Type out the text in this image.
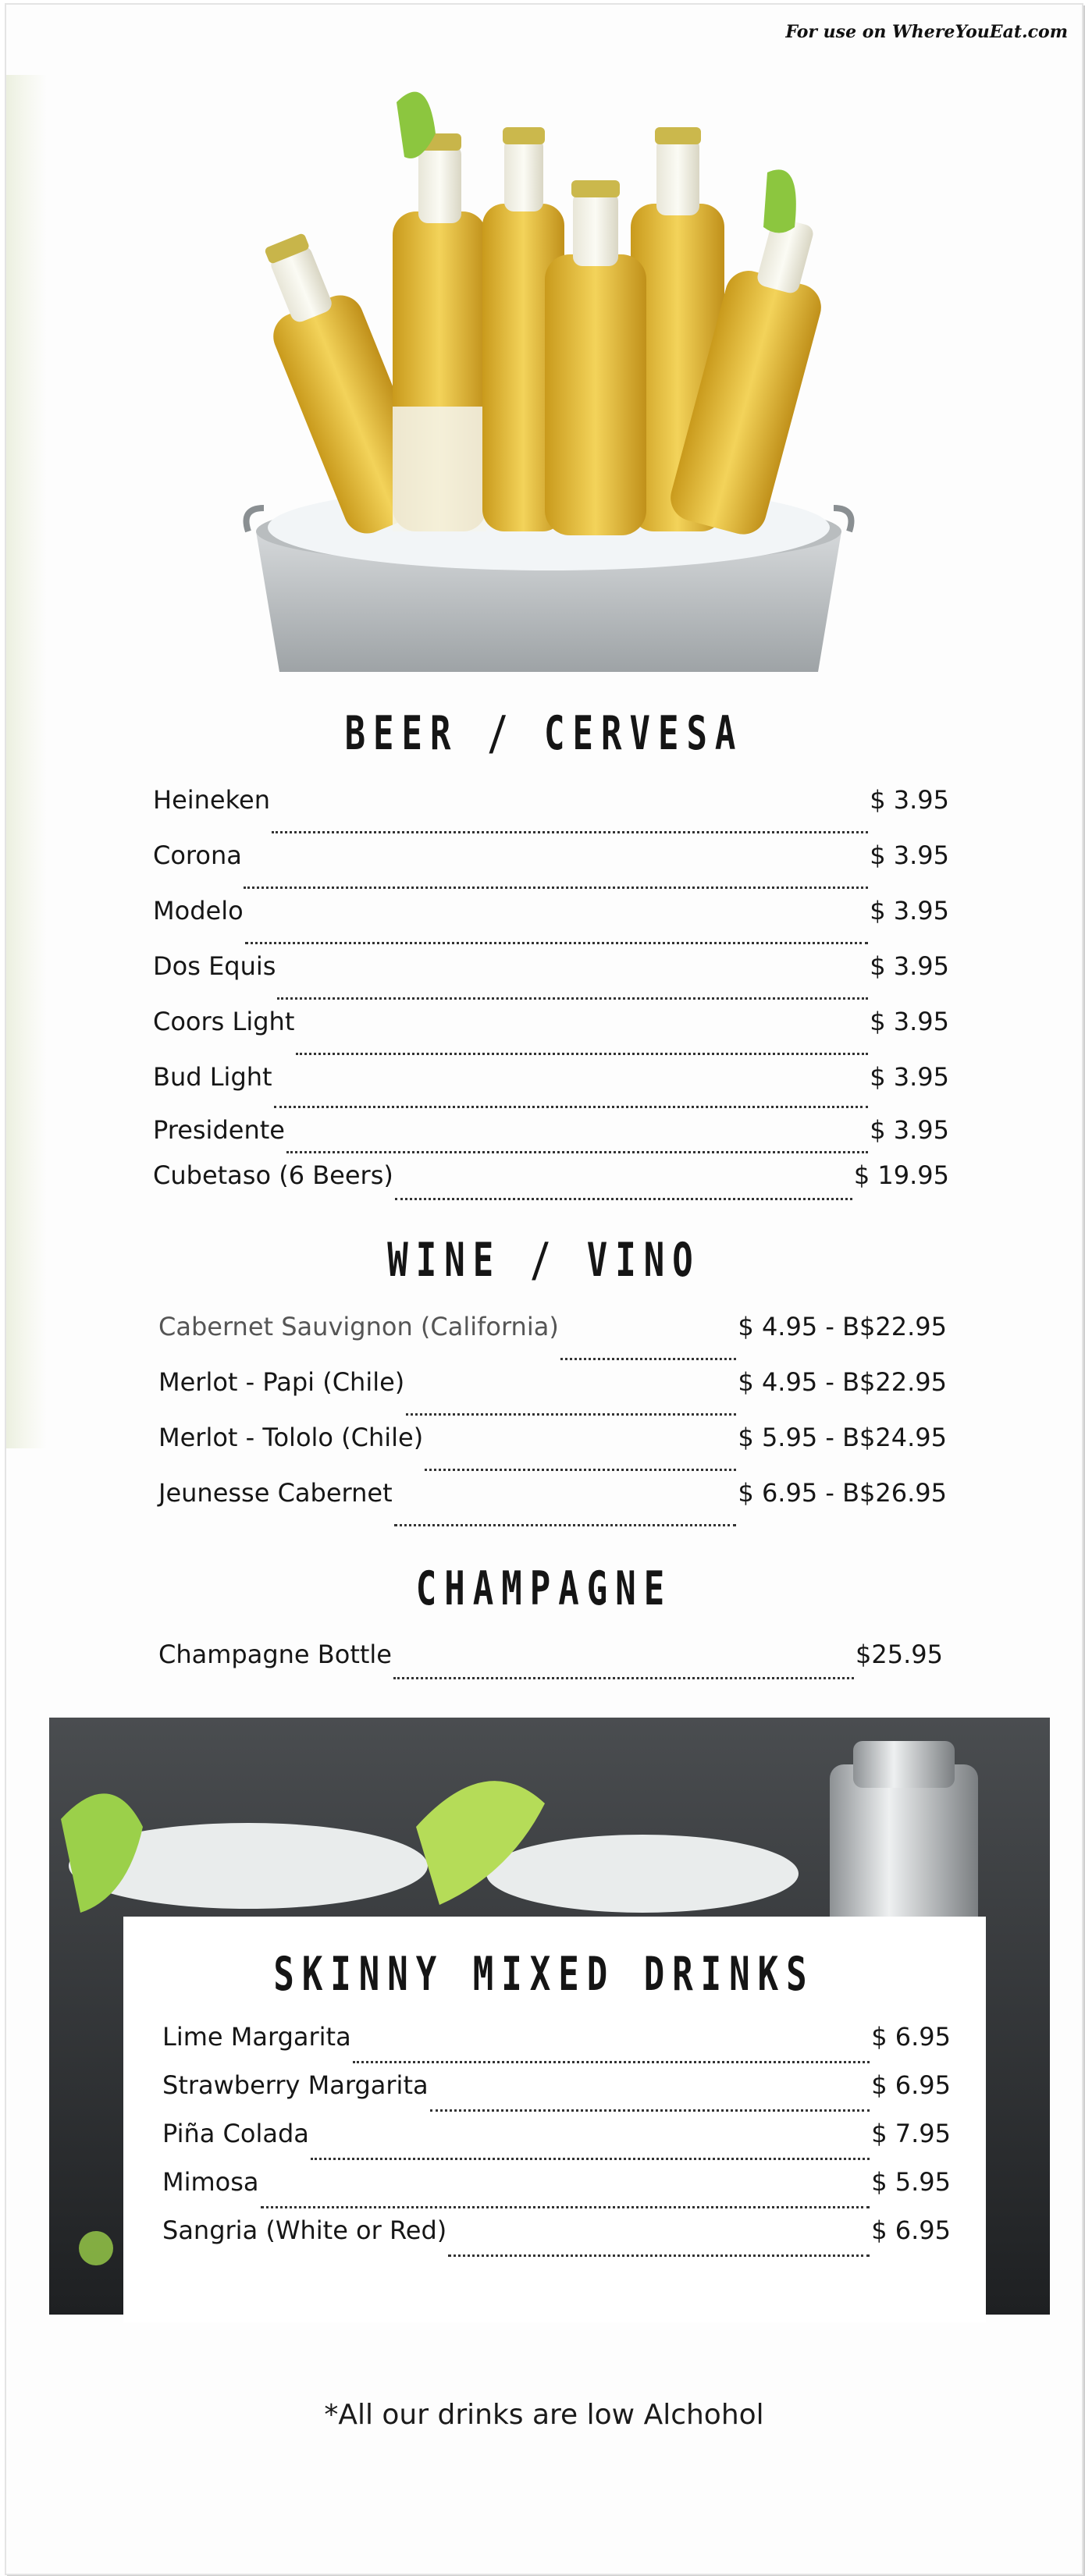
For use on WhereYouEat.com
BEER / CERVESA
Heineken	$ 3.95
Corona	$ 3.95
Modelo	$ 3.95
Dos Equis	$ 3.95
Coors Light	$ 3.95
Bud Light	$ 3.95
Presidente	$ 3.95
Cubetaso (6 Beers)	$ 19.95
WINE / VINO
Cabernet Sauvignon (California)	$ 4.95 - B$22.95
Merlot - Papi (Chile)	$ 4.95 - B$22.95
Merlot - Tololo (Chile)	$ 5.95 - B$24.95
Jeunesse Cabernet	$ 6.95 - B$26.95
CHAMPAGNE
Champagne Bottle	$25.95
SKINNY MIXED DRINKS
Lime Margarita	$ 6.95
Strawberry Margarita	$ 6.95
Piña Colada	$ 7.95
Mimosa	$ 5.95
Sangria (White or Red)	$ 6.95
*All our drinks are low Alchohol
